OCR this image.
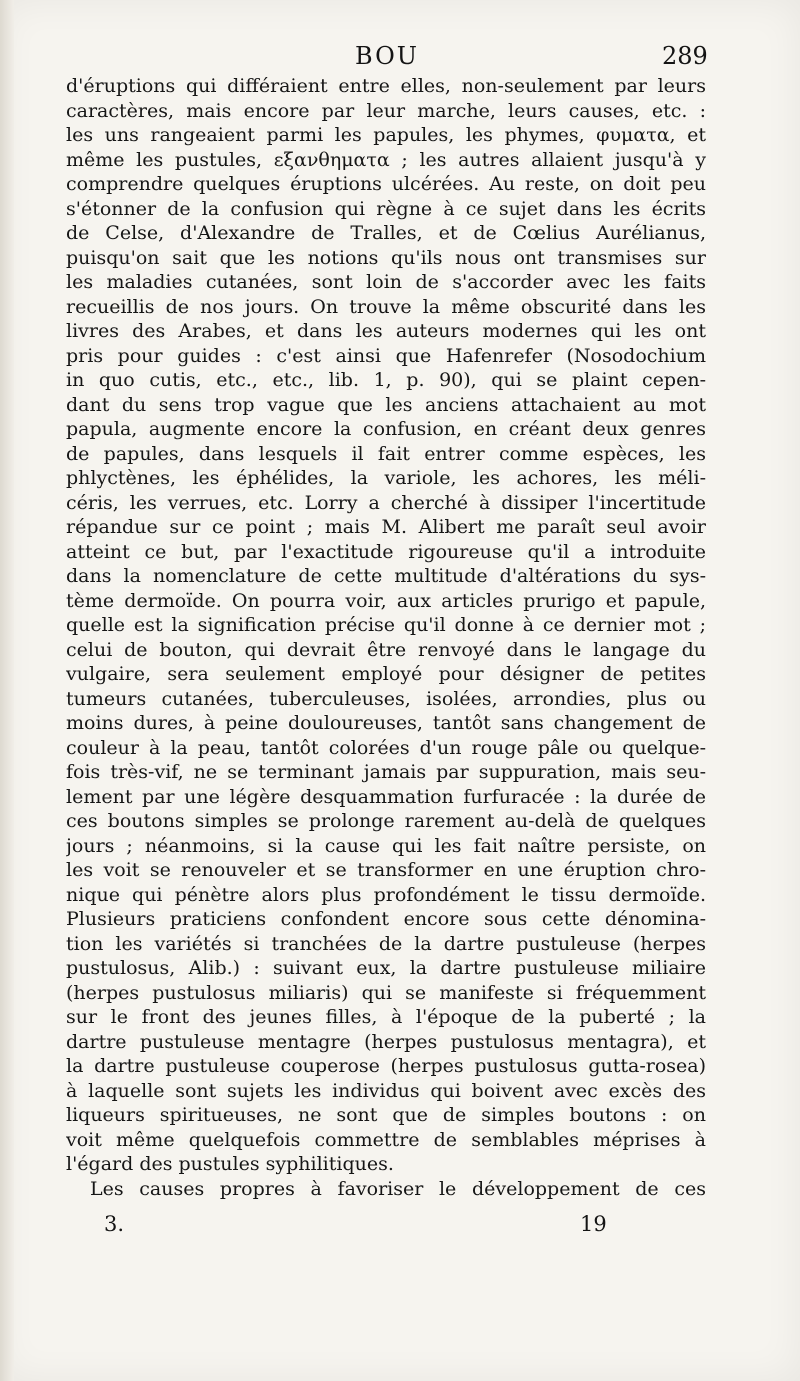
BOU	289
d'éruptions qui différaient entre elles, non-seulement par leurs
caractères, mais encore par leur marche, leurs causes, etc. :
les uns rangeaient parmi les papules, les phymes, φυματα, et
même les pustules, εξανθηματα ; les autres allaient jusqu'à y
comprendre quelques éruptions ulcérées. Au reste, on doit peu
s'étonner de la confusion qui règne à ce sujet dans les écrits
de Celse, d'Alexandre de Tralles, et de Cœlius Aurélianus,
puisqu'on sait que les notions qu'ils nous ont transmises sur
les maladies cutanées, sont loin de s'accorder avec les faits
recueillis de nos jours. On trouve la même obscurité dans les
livres des Arabes, et dans les auteurs modernes qui les ont
pris pour guides : c'est ainsi que Hafenrefer (Nosodochium
in quo cutis, etc., etc., lib. 1, p. 90), qui se plaint cepen-
dant du sens trop vague que les anciens attachaient au mot
papula, augmente encore la confusion, en créant deux genres
de papules, dans lesquels il fait entrer comme espèces, les
phlyctènes, les éphélides, la variole, les achores, les méli-
céris, les verrues, etc. Lorry a cherché à dissiper l'incertitude
répandue sur ce point ; mais M. Alibert me paraît seul avoir
atteint ce but, par l'exactitude rigoureuse qu'il a introduite
dans la nomenclature de cette multitude d'altérations du sys-
tème dermoïde. On pourra voir, aux articles prurigo et papule,
quelle est la signification précise qu'il donne à ce dernier mot ;
celui de bouton, qui devrait être renvoyé dans le langage du
vulgaire, sera seulement employé pour désigner de petites
tumeurs cutanées, tuberculeuses, isolées, arrondies, plus ou
moins dures, à peine douloureuses, tantôt sans changement de
couleur à la peau, tantôt colorées d'un rouge pâle ou quelque-
fois très-vif, ne se terminant jamais par suppuration, mais seu-
lement par une légère desquammation furfuracée : la durée de
ces boutons simples se prolonge rarement au-delà de quelques
jours ; néanmoins, si la cause qui les fait naître persiste, on
les voit se renouveler et se transformer en une éruption chro-
nique qui pénètre alors plus profondément le tissu dermoïde.
Plusieurs praticiens confondent encore sous cette dénomina-
tion les variétés si tranchées de la dartre pustuleuse (herpes
pustulosus, Alib.) : suivant eux, la dartre pustuleuse miliaire
(herpes pustulosus miliaris) qui se manifeste si fréquemment
sur le front des jeunes filles, à l'époque de la puberté ; la
dartre pustuleuse mentagre (herpes pustulosus mentagra), et
la dartre pustuleuse couperose (herpes pustulosus gutta-rosea)
à laquelle sont sujets les individus qui boivent avec excès des
liqueurs spiritueuses, ne sont que de simples boutons : on
voit même quelquefois commettre de semblables méprises à
l'égard des pustules syphilitiques.
Les causes propres à favoriser le développement de ces
3.	19
